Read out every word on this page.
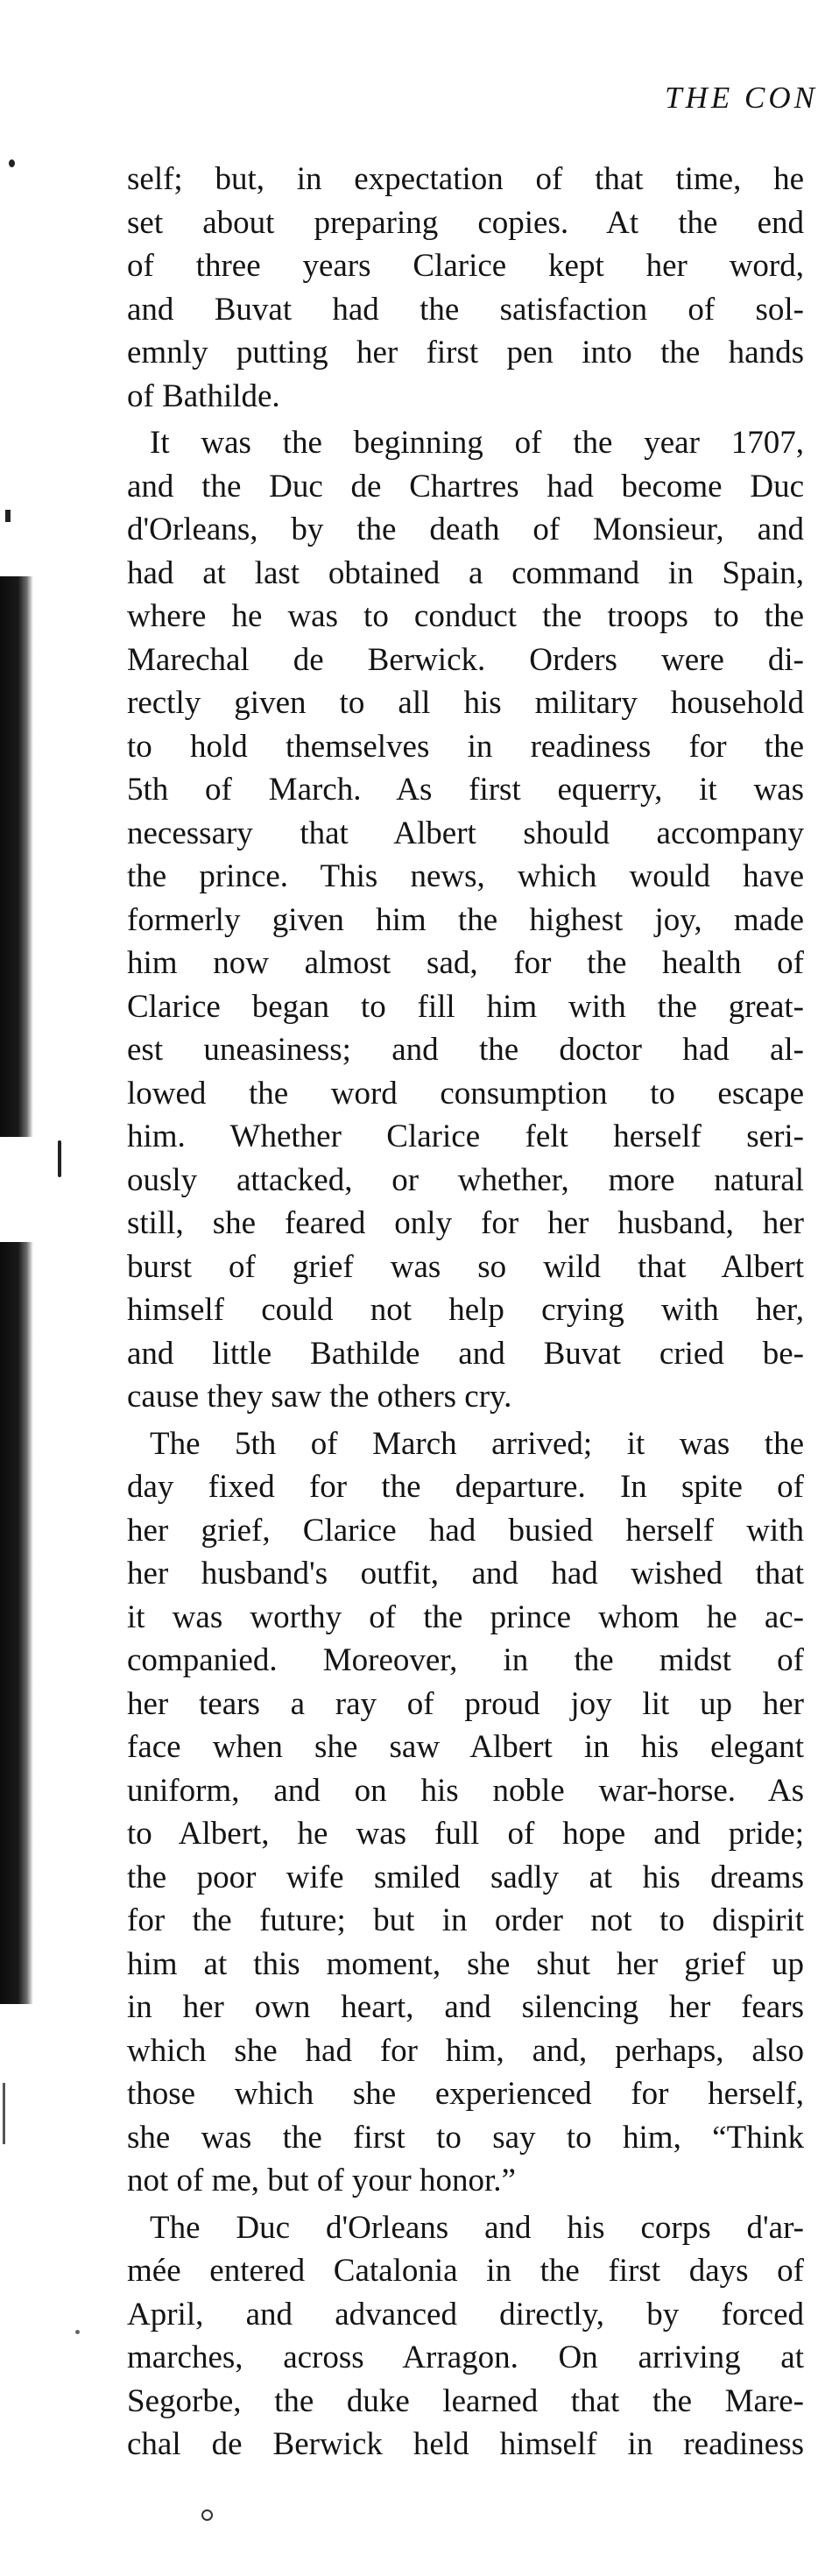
THE CON
self; but, in expectation of that time, he
set about preparing copies. At the end
of three years Clarice kept her word,
and Buvat had the satisfaction of sol-
emnly putting her first pen into the hands
of Bathilde.
It was the beginning of the year 1707,
and the Duc de Chartres had become Duc
d'Orleans, by the death of Monsieur, and
had at last obtained a command in Spain,
where he was to conduct the troops to the
Marechal de Berwick. Orders were di-
rectly given to all his military household
to hold themselves in readiness for the
5th of March. As first equerry, it was
necessary that Albert should accompany
the prince. This news, which would have
formerly given him the highest joy, made
him now almost sad, for the health of
Clarice began to fill him with the great-
est uneasiness; and the doctor had al-
lowed the word consumption to escape
him. Whether Clarice felt herself seri-
ously attacked, or whether, more natural
still, she feared only for her husband, her
burst of grief was so wild that Albert
himself could not help crying with her,
and little Bathilde and Buvat cried be-
cause they saw the others cry.
The 5th of March arrived; it was the
day fixed for the departure. In spite of
her grief, Clarice had busied herself with
her husband's outfit, and had wished that
it was worthy of the prince whom he ac-
companied. Moreover, in the midst of
her tears a ray of proud joy lit up her
face when she saw Albert in his elegant
uniform, and on his noble war-horse. As
to Albert, he was full of hope and pride;
the poor wife smiled sadly at his dreams
for the future; but in order not to dispirit
him at this moment, she shut her grief up
in her own heart, and silencing her fears
which she had for him, and, perhaps, also
those which she experienced for herself,
she was the first to say to him, “Think
not of me, but of your honor.”
The Duc d'Orleans and his corps d'ar-
mée entered Catalonia in the first days of
April, and advanced directly, by forced
marches, across Arragon. On arriving at
Segorbe, the duke learned that the Mare-
chal de Berwick held himself in readiness
